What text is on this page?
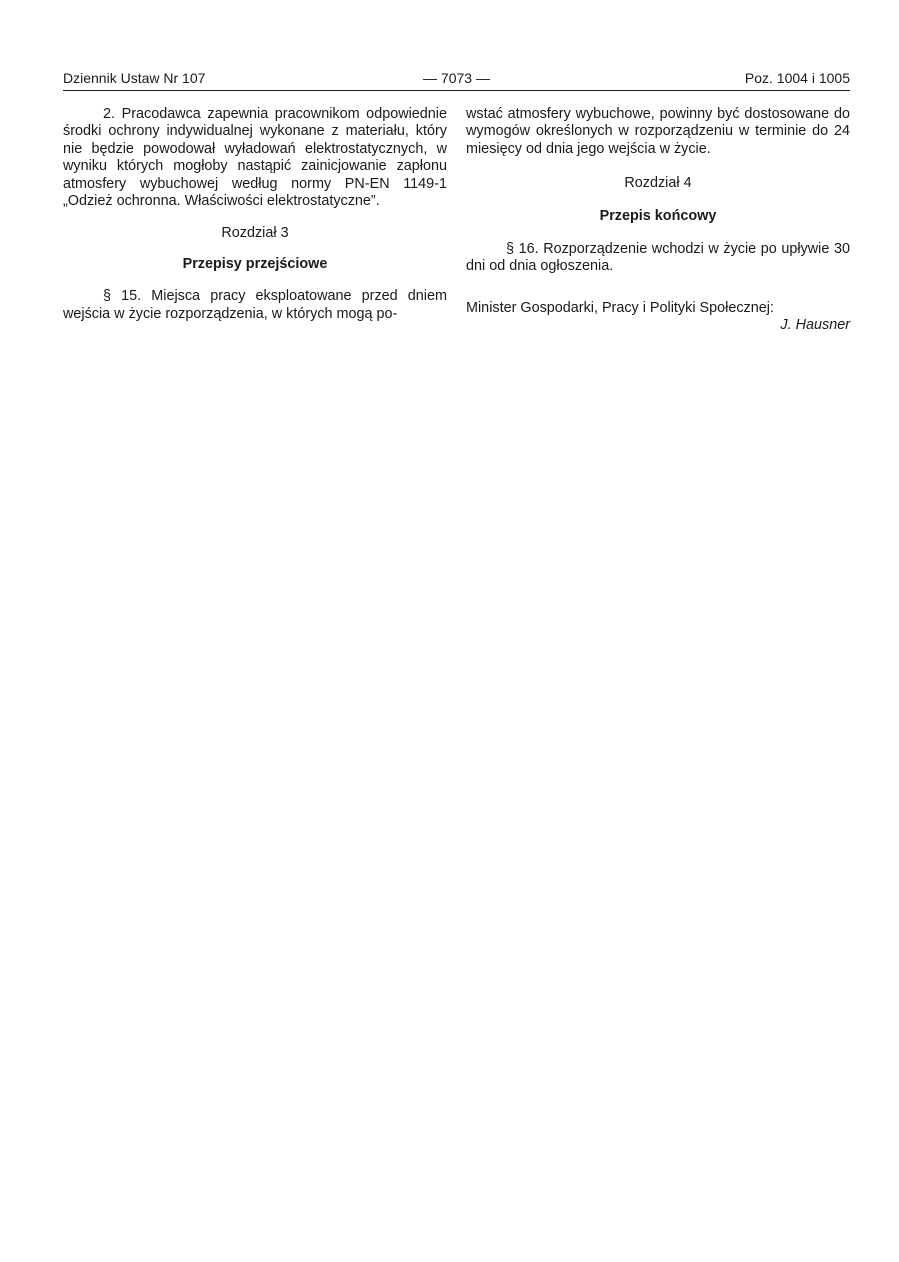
Dziennik Ustaw Nr 107	— 7073 —	Poz. 1004 i 1005

2. Pracodawca zapewnia pracownikom odpowiednie środki ochrony indywidualnej wykonane z materiału, który nie będzie powodował wyładowań elektrostatycznych, w wyniku których mogłoby nastąpić zainicjowanie zapłonu atmosfery wybuchowej według normy PN-EN 1149-1 „Odzież ochronna. Właściwości elektrostatyczne”.

Rozdział 3

Przepisy przejściowe

§ 15. Miejsca pracy eksploatowane przed dniem wejścia w życie rozporządzenia, w których mogą po-

wstać atmosfery wybuchowe, powinny być dostosowane do wymogów określonych w rozporządzeniu w terminie do 24 miesięcy od dnia jego wejścia w życie.

Rozdział 4

Przepis końcowy

§ 16. Rozporządzenie wchodzi w życie po upływie 30 dni od dnia ogłoszenia.

Minister Gospodarki, Pracy i Polityki Społecznej:

J. Hausner
